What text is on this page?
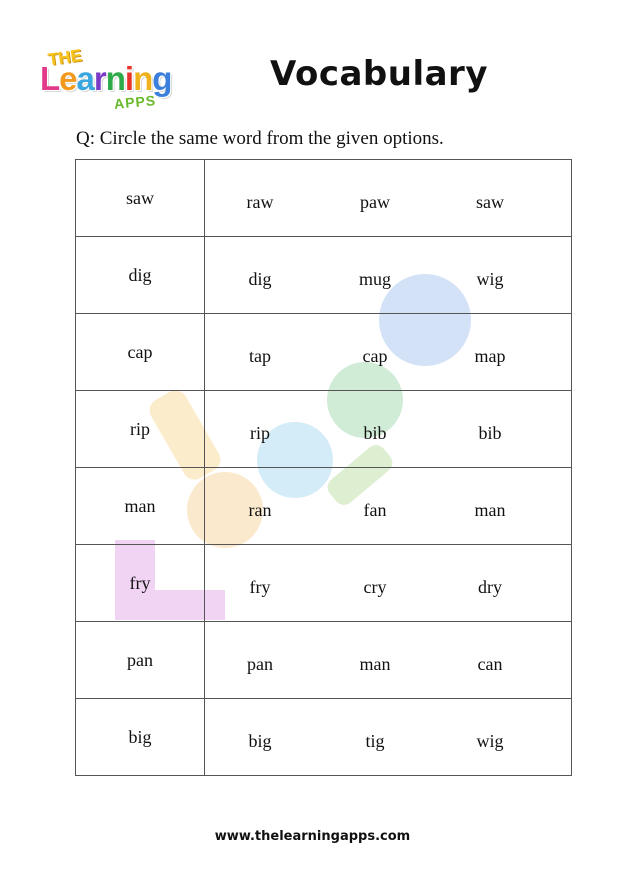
THE
Learning
APPS
Vocabulary
Q: Circle the same word from the given options.
saw	raw paw saw

dig	dig mug wig

cap	tap cap map

rip	rip bib bib

man	ran fan man

fry	fry cry dry

pan	pan man can

big	big tig wig
www.thelearningapps.com
